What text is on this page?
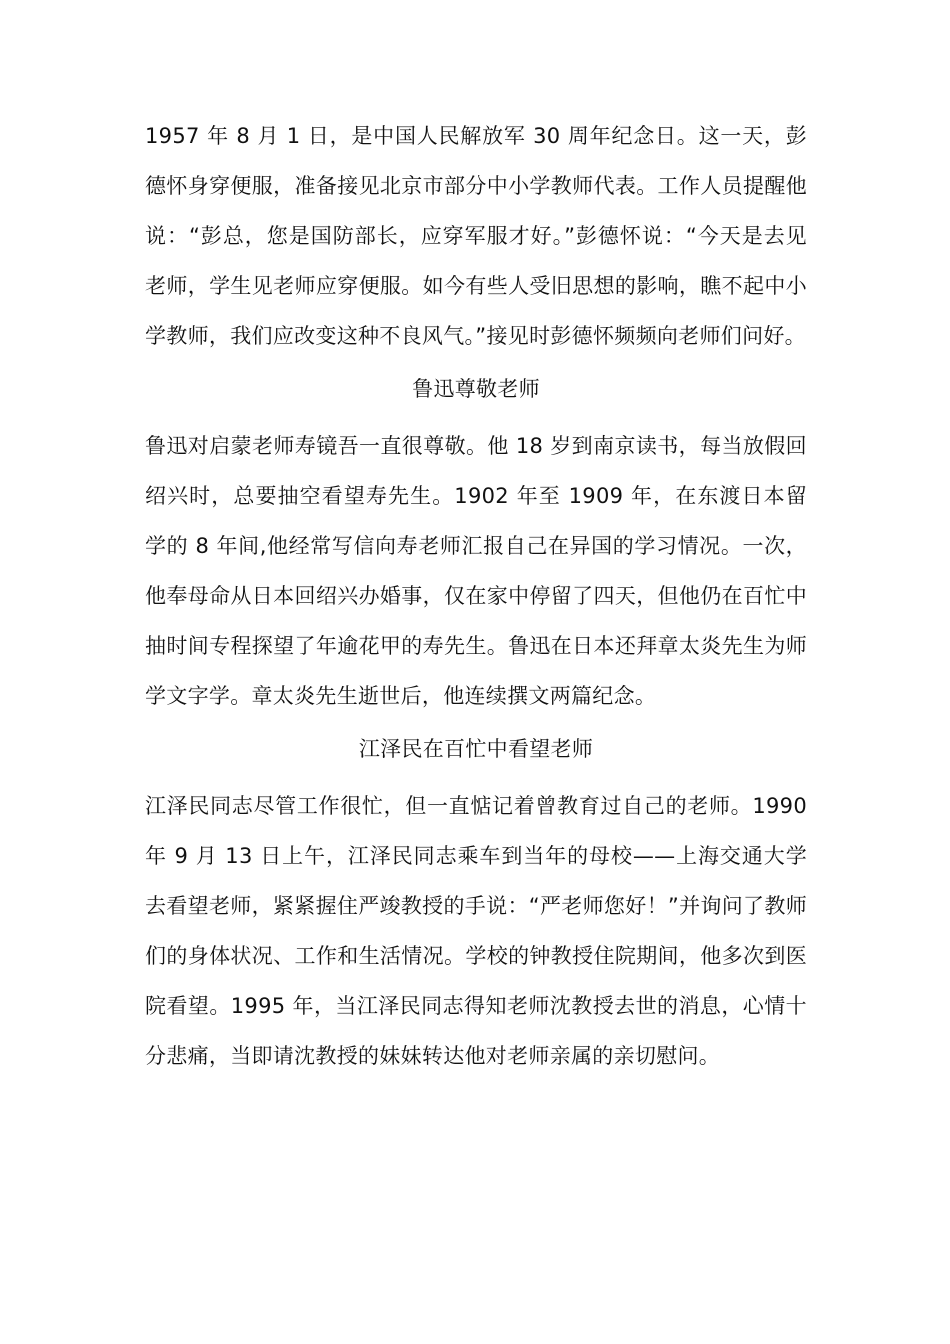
1957 年 8 月 1 日，是中国人民解放军 30 周年纪念日。这一天，彭德怀身穿便服，准备接见北京市部分中小学教师代表。工作人员提醒他说：“彭总，您是国防部长，应穿军服才好。”彭德怀说：“今天是去见老师，学生见老师应穿便服。如今有些人受旧思想的影响，瞧不起中小学教师，我们应改变这种不良风气。”接见时彭德怀频频向老师们问好。

鲁迅尊敬老师

鲁迅对启蒙老师寿镜吾一直很尊敬。他 18 岁到南京读书，每当放假回绍兴时，总要抽空看望寿先生。1902 年至 1909 年，在东渡日本留学的 8 年间,他经常写信向寿老师汇报自己在异国的学习情况。一次，他奉母命从日本回绍兴办婚事，仅在家中停留了四天，但他仍在百忙中抽时间专程探望了年逾花甲的寿先生。鲁迅在日本还拜章太炎先生为师学文字学。章太炎先生逝世后，他连续撰文两篇纪念。

江泽民在百忙中看望老师

江泽民同志尽管工作很忙，但一直惦记着曾教育过自己的老师。1990 年 9 月 13 日上午，江泽民同志乘车到当年的母校——上海交通大学去看望老师，紧紧握住严竣教授的手说：“严老师您好！”并询问了教师们的身体状况、工作和生活情况。学校的钟教授住院期间，他多次到医院看望。1995 年，当江泽民同志得知老师沈教授去世的消息，心情十分悲痛，当即请沈教授的妹妹转达他对老师亲属的亲切慰问。
